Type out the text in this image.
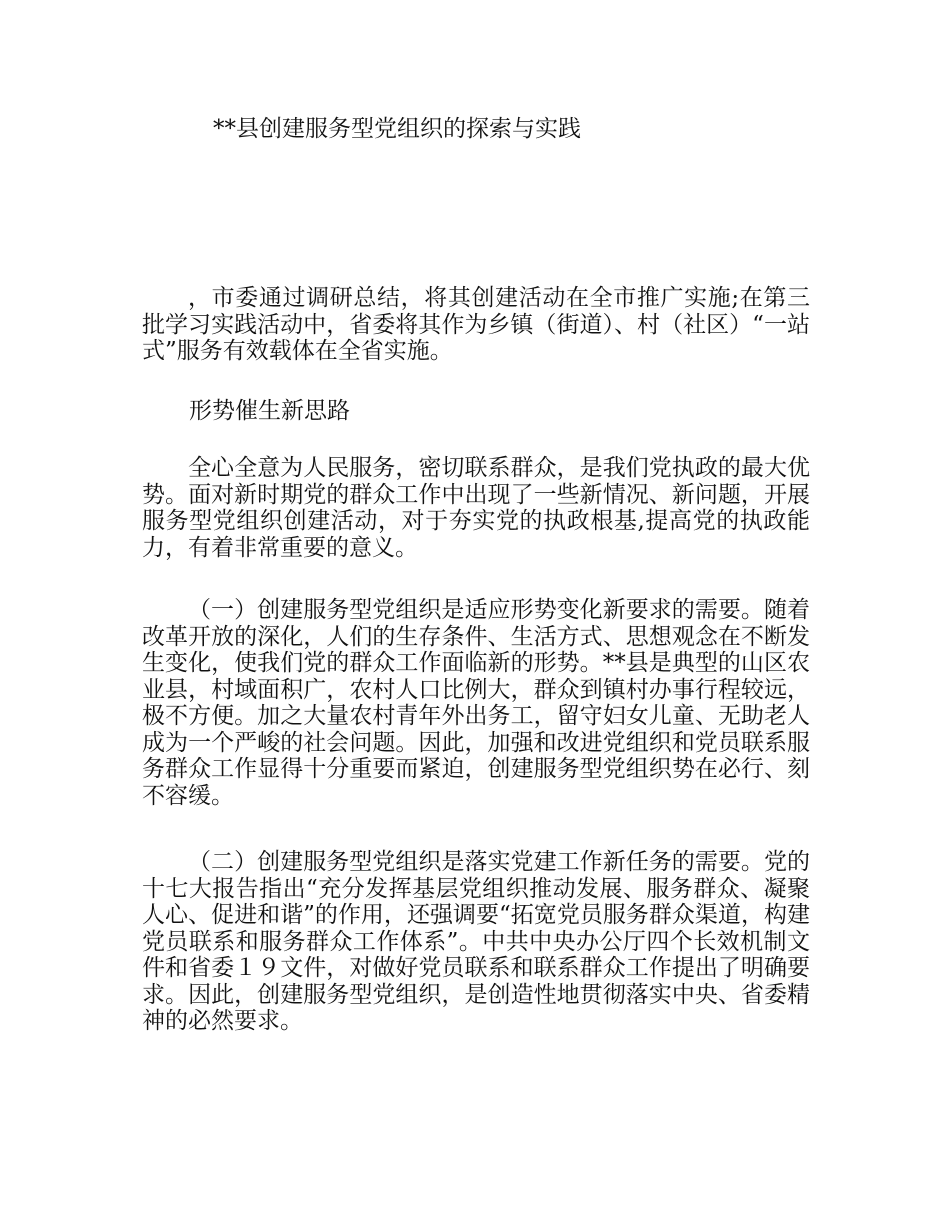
**县创建服务型党组织的探索与实践

，市委通过调研总结，将其创建活动在全市推广实施;在第三批学习实践活动中，省委将其作为乡镇（街道）、村（社区）“一站式”服务有效载体在全省实施。

形势催生新思路

全心全意为人民服务，密切联系群众，是我们党执政的最大优势。面对新时期党的群众工作中出现了一些新情况、新问题，开展服务型党组织创建活动，对于夯实党的执政根基,提高党的执政能力，有着非常重要的意义。

（一）创建服务型党组织是适应形势变化新要求的需要。随着改革开放的深化，人们的生存条件、生活方式、思想观念在不断发生变化，使我们党的群众工作面临新的形势。**县是典型的山区农业县，村域面积广，农村人口比例大，群众到镇村办事行程较远，极不方便。加之大量农村青年外出务工，留守妇女儿童、无助老人成为一个严峻的社会问题。因此，加强和改进党组织和党员联系服务群众工作显得十分重要而紧迫，创建服务型党组织势在必行、刻不容缓。

（二）创建服务型党组织是落实党建工作新任务的需要。党的十七大报告指出“充分发挥基层党组织推动发展、服务群众、凝聚人心、促进和谐”的作用，还强调要“拓宽党员服务群众渠道，构建党员联系和服务群众工作体系”。中共中央办公厅四个长效机制文件和省委１９文件，对做好党员联系和联系群众工作提出了明确要求。因此，创建服务型党组织，是创造性地贯彻落实中央、省委精神的必然要求。
